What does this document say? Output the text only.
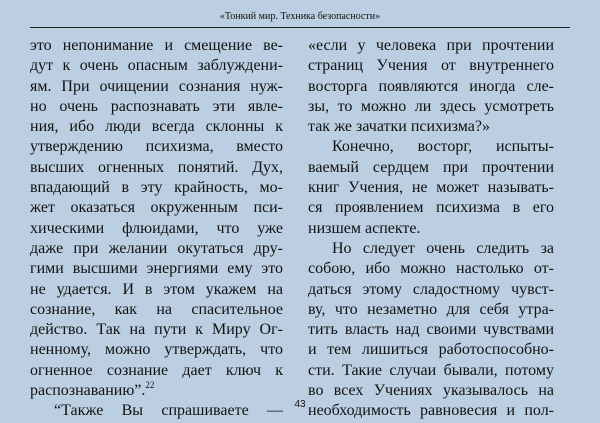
«Тонкий мир. Техника безопасности»
это непонимание и смещение ве-
дут к очень опасным заблуждени-
ям. При очищении сознания нуж-
но очень распознавать эти явле-
ния, ибо люди всегда склонны к
утверждению психизма, вместо
высших огненных понятий. Дух,
впадающий в эту крайность, мо-
жет оказаться окруженным пси-
хическими флюидами, что уже
даже при желании окутаться дру-
гими высшими энергиями ему это
не удается. И в этом укажем на
сознание, как на спасительное
действо. Так на пути к Миру Ог-
ненному, можно утверждать, что
огненное сознание дает ключ к
распознаванию”.$^{22}$
“Также Вы спрашиваете —
«если у человека при прочтении
страниц Учения от внутреннего
восторга появляются иногда сле-
зы, то можно ли здесь усмотреть
так же зачатки психизма?»
Конечно, восторг, испыты-
ваемый сердцем при прочтении
книг Учения, не может называть-
ся проявлением психизма в его
низшем аспекте.
Но следует очень следить за
собою, ибо можно настолько от-
даться этому сладостному чувст-
ву, что незаметно для себя утра-
тить власть над своими чувствами
и тем лишиться работоспособно-
сти. Такие случаи бывали, потому
во всех Учениях указывалось на
необходимость равновесия и пол-
43
